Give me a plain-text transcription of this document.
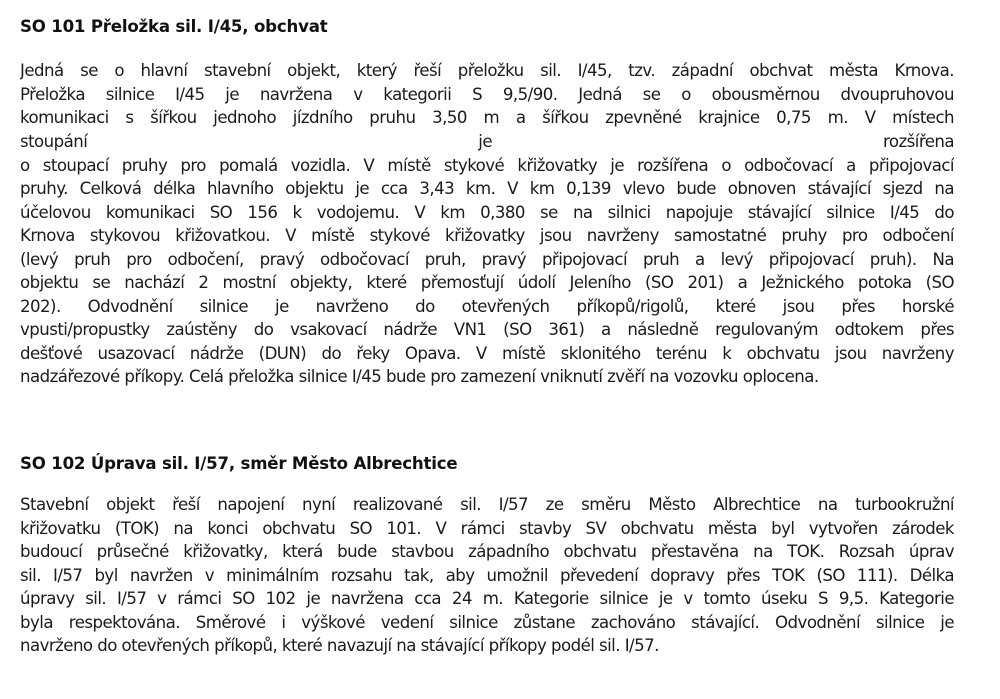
SO 101 Přeložka sil. I/45, obchvat
Jedná se o hlavní stavební objekt, který řeší přeložku sil. I/45, tzv. západní obchvat města Krnova.
Přeložka silnice I/45 je navržena v kategorii S 9,5/90. Jedná se o obousměrnou dvoupruhovou
komunikaci s šířkou jednoho jízdního pruhu 3,50 m a šířkou zpevněné krajnice 0,75 m. V místech
stoupání je rozšířena
o stoupací pruhy pro pomalá vozidla. V místě stykové křižovatky je rozšířena o odbočovací a připojovací
pruhy. Celková délka hlavního objektu je cca 3,43 km. V km 0,139 vlevo bude obnoven stávající sjezd na
účelovou komunikaci SO 156 k vodojemu. V km 0,380 se na silnici napojuje stávající silnice I/45 do
Krnova stykovou křižovatkou. V místě stykové křižovatky jsou navrženy samostatné pruhy pro odbočení
(levý pruh pro odbočení, pravý odbočovací pruh, pravý připojovací pruh a levý připojovací pruh). Na
objektu se nachází 2 mostní objekty, které přemosťují údolí Jeleního (SO 201) a Ježnického potoka (SO
202). Odvodnění silnice je navrženo do otevřených příkopů/rigolů, které jsou přes horské
vpusti/propustky zaústěny do vsakovací nádrže VN1 (SO 361) a následně regulovaným odtokem přes
dešťové usazovací nádrže (DUN) do řeky Opava. V místě sklonitého terénu k obchvatu jsou navrženy
nadzářezové příkopy. Celá přeložka silnice I/45 bude pro zamezení vniknutí zvěří na vozovku oplocena.
SO 102 Úprava sil. I/57, směr Město Albrechtice
Stavební objekt řeší napojení nyní realizované sil. I/57 ze směru Město Albrechtice na turbookružní
křižovatku (TOK) na konci obchvatu SO 101. V rámci stavby SV obchvatu města byl vytvořen zárodek
budoucí průsečné křižovatky, která bude stavbou západního obchvatu přestavěna na TOK. Rozsah úprav
sil. I/57 byl navržen v minimálním rozsahu tak, aby umožnil převedení dopravy přes TOK (SO 111). Délka
úpravy sil. I/57 v rámci SO 102 je navržena cca 24 m. Kategorie silnice je v tomto úseku S 9,5. Kategorie
byla respektována. Směrové i výškové vedení silnice zůstane zachováno stávající. Odvodnění silnice je
navrženo do otevřených příkopů, které navazují na stávající příkopy podél sil. I/57.
